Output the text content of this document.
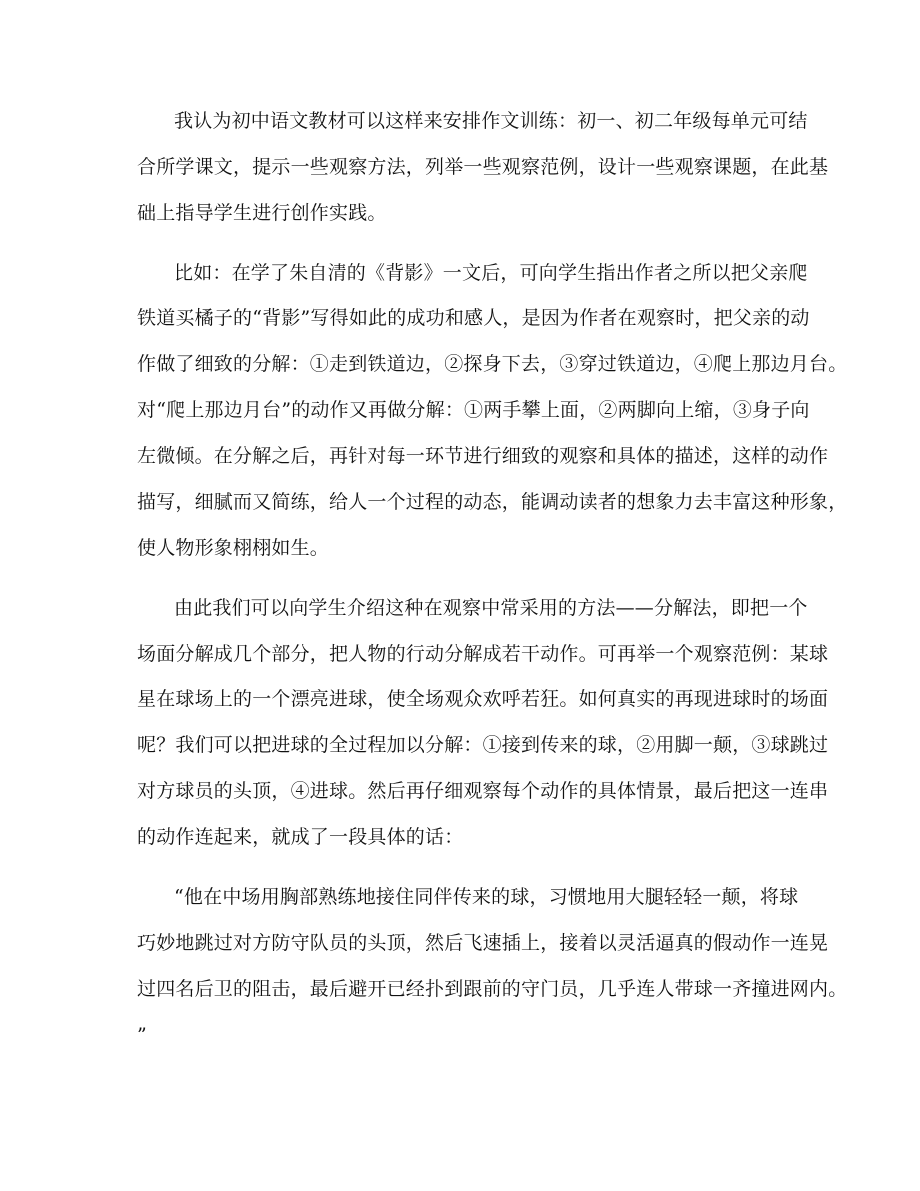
我认为初中语文教材可以这样来安排作文训练：初一、初二年级每单元可结
合所学课文，提示一些观察方法，列举一些观察范例，设计一些观察课题，在此基
础上指导学生进行创作实践。
比如：在学了朱自清的《背影》一文后，可向学生指出作者之所以把父亲爬
铁道买橘子的“背影”写得如此的成功和感人，是因为作者在观察时，把父亲的动
作做了细致的分解：①走到铁道边，②探身下去，③穿过铁道边，④爬上那边月台。
对“爬上那边月台”的动作又再做分解：①两手攀上面，②两脚向上缩，③身子向
左微倾。在分解之后，再针对每一环节进行细致的观察和具体的描述，这样的动作
描写，细腻而又简练，给人一个过程的动态，能调动读者的想象力去丰富这种形象，
使人物形象栩栩如生。
由此我们可以向学生介绍这种在观察中常采用的方法——分解法，即把一个
场面分解成几个部分，把人物的行动分解成若干动作。可再举一个观察范例：某球
星在球场上的一个漂亮进球，使全场观众欢呼若狂。如何真实的再现进球时的场面
呢？我们可以把进球的全过程加以分解：①接到传来的球，②用脚一颠，③球跳过
对方球员的头顶，④进球。然后再仔细观察每个动作的具体情景，最后把这一连串
的动作连起来，就成了一段具体的话：
“他在中场用胸部熟练地接住同伴传来的球，习惯地用大腿轻轻一颠，将球
巧妙地跳过对方防守队员的头顶，然后飞速插上，接着以灵活逼真的假动作一连晃
过四名后卫的阻击，最后避开已经扑到跟前的守门员，几乎连人带球一齐撞进网内。
”
